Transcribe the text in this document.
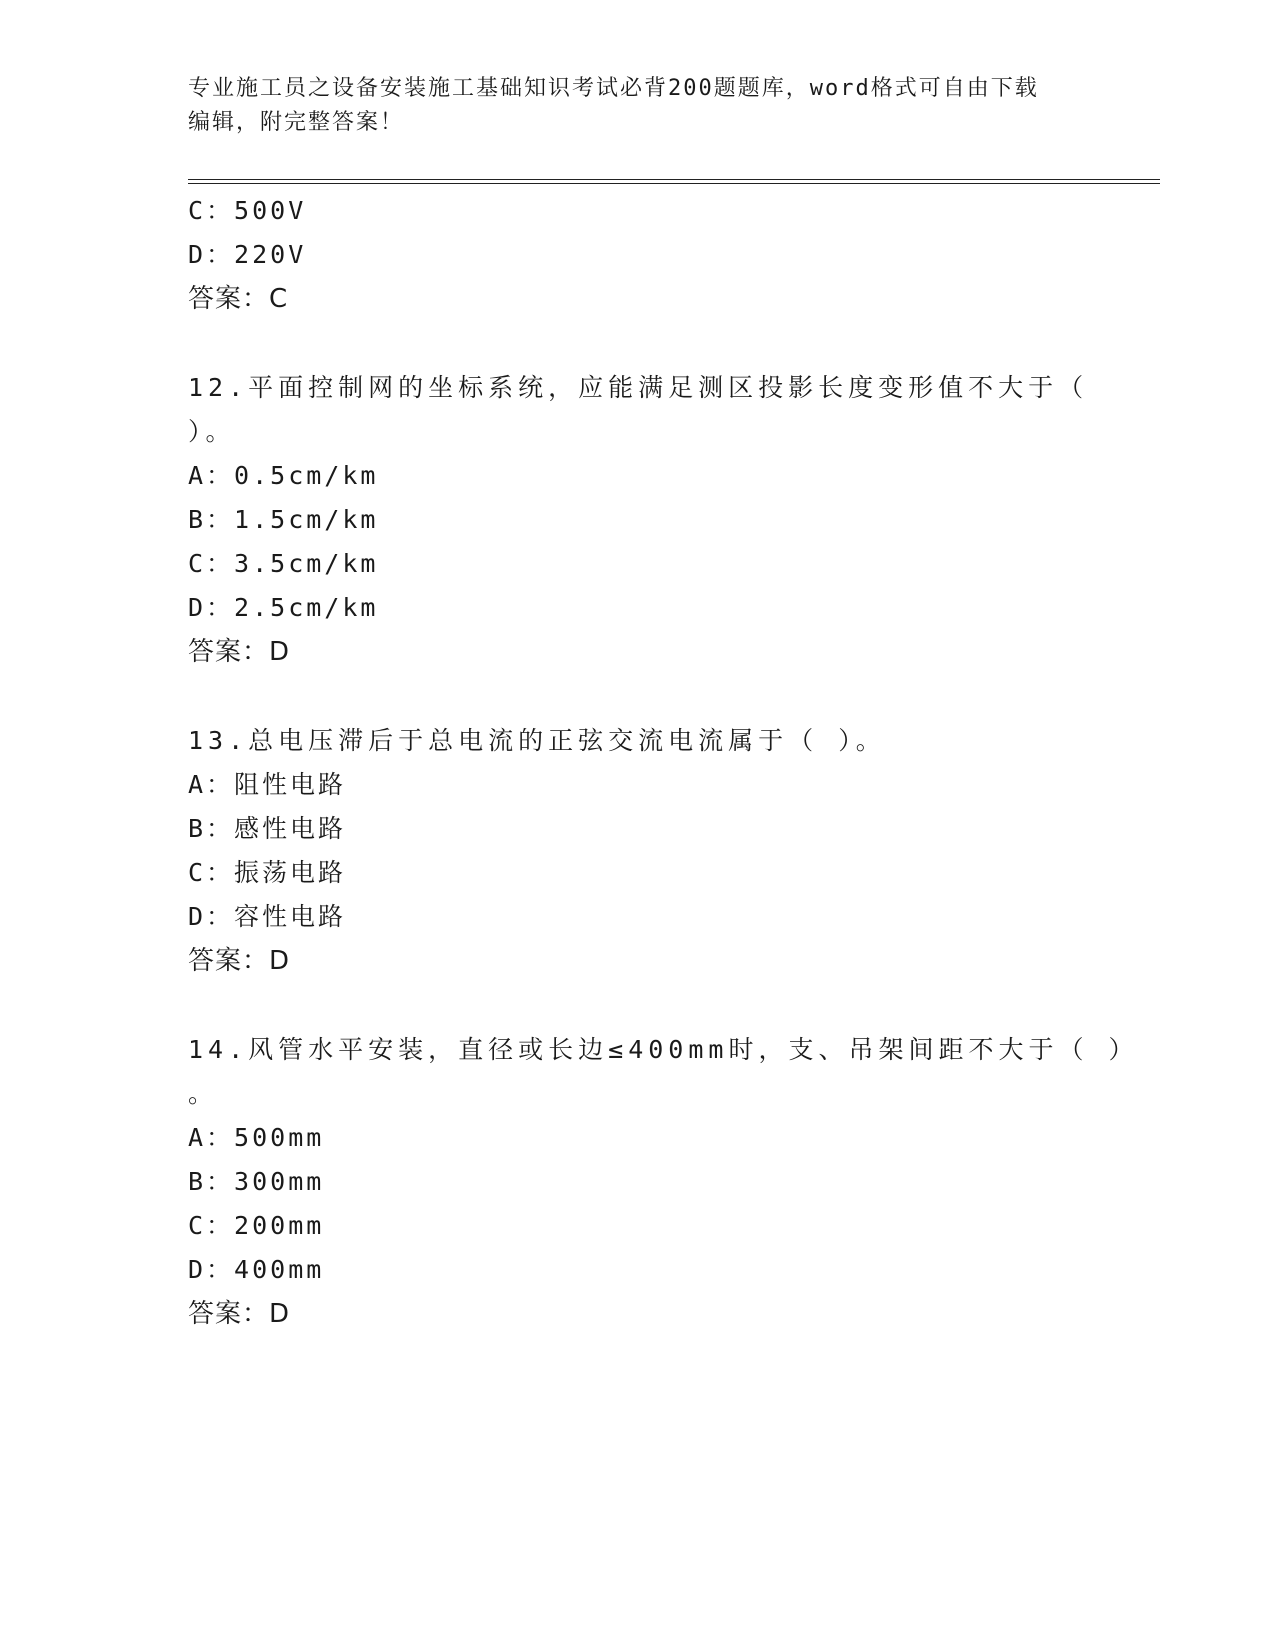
专业施工员之设备安装施工基础知识考试必背200题题库，word格式可自由下载
编辑，附完整答案！
C：500V
D：220V
答案：C
12.平面控制网的坐标系统，应能满足测区投影长度变形值不大于（
）。
A：0.5cm/km
B：1.5cm/km
C：3.5cm/km
D：2.5cm/km
答案：D
13.总电压滞后于总电流的正弦交流电流属于（ ）。
A：阻性电路
B：感性电路
C：振荡电路
D：容性电路
答案：D
14.风管水平安装，直径或长边≤400mm时，支、吊架间距不大于（ ）
。
A：500mm
B：300mm
C：200mm
D：400mm
答案：D
